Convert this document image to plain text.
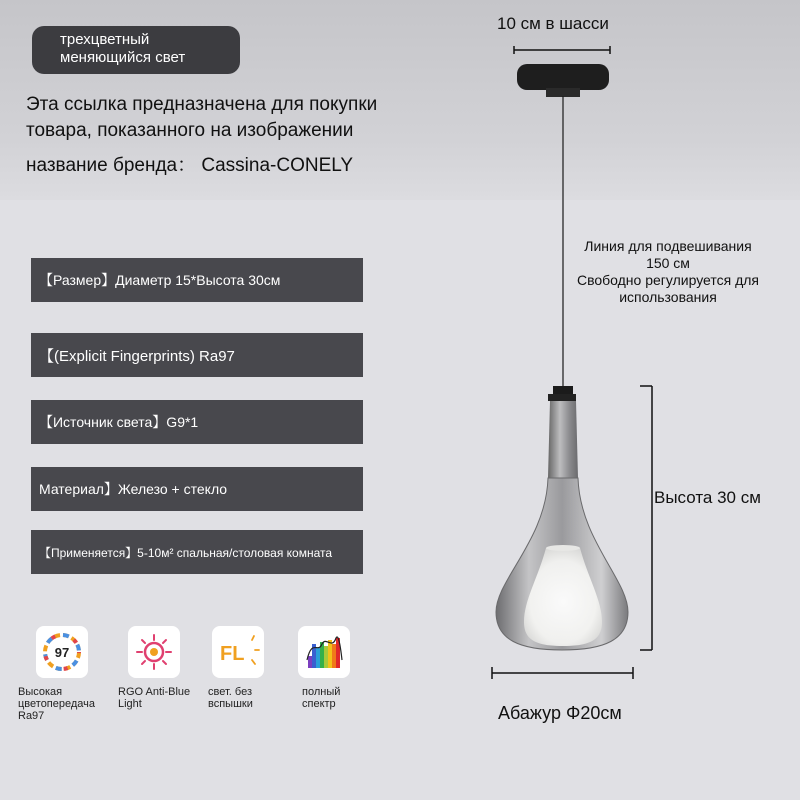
трехцветный
меняющийся свет
Эта ссылка предназначена для покупки
товара, показанного на изображении
название бренда： Cassina-CONELY
10 см в шасси
【Размер】Диаметр 15*Высота 30см
【(Explicit Fingerprints) Ra97
【Источник света】G9*1
Материал】Железо + стекло
【Применяется】5-10м² спальная/столовая комната
Линия для подвешивания
150 см
Свободно регулируется для
использования
Высота 30 см
Абажур Φ20см
97
Высокая
цветопередача
Ra97
RGO Anti-Blue
Light
FL
свет. без
вспышки
полный
спектр
